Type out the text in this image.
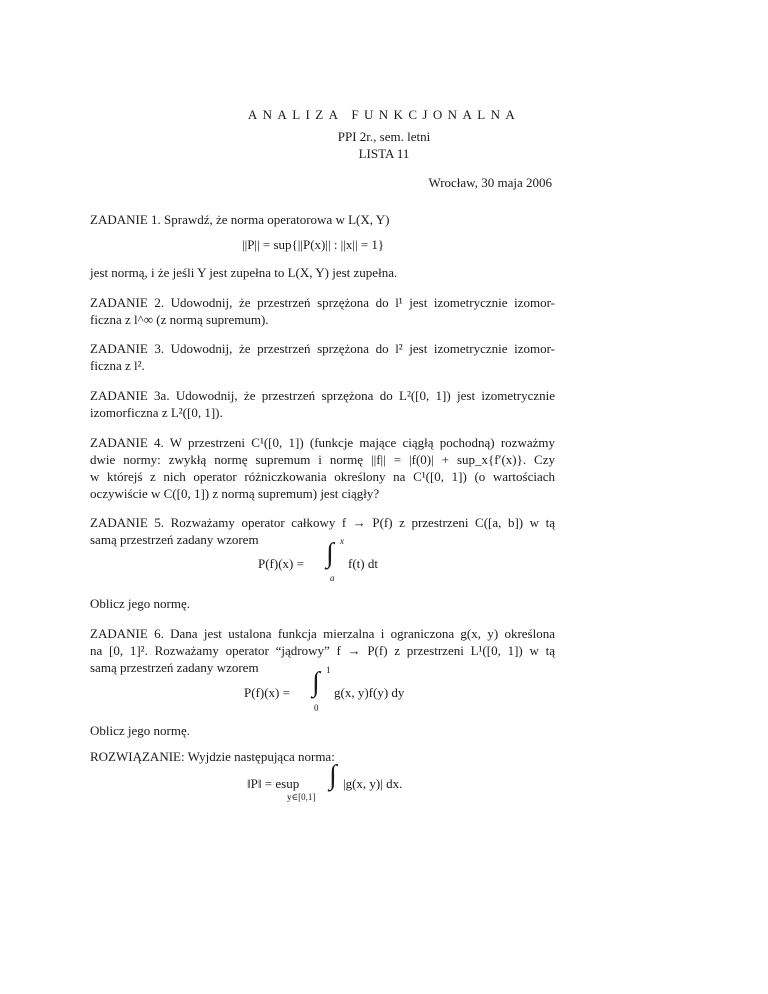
ANALIZA FUNKCJONALNA
PPI 2r., sem. letni
LISTA 11
Wrocław, 30 maja 2006
ZADANIE 1. Sprawdź, że norma operatorowa w L(X, Y)
||P|| = sup{||P(x)|| : ||x|| = 1}
jest normą, i że jeśli Y jest zupełna to L(X, Y) jest zupełna.
ZADANIE 2. Udowodnij, że przestrzeń sprzężona do l¹ jest izometrycznie izomor-
ficzna z l^∞ (z normą supremum).
ZADANIE 3. Udowodnij, że przestrzeń sprzężona do l² jest izometrycznie izomor-
ficzna z l².
ZADANIE 3a. Udowodnij, że przestrzeń sprzężona do L²([0, 1]) jest izometrycznie
izomorficzna z L²([0, 1]).
ZADANIE 4. W przestrzeni C¹([0, 1]) (funkcje mające ciągłą pochodną) rozważmy
dwie normy: zwykłą normę supremum i normę ||f|| = |f(0)| + sup_x{f′(x)}. Czy
w którejś z nich operator różniczkowania określony na C¹([0, 1]) (o wartościach
oczywiście w C([0, 1]) z normą supremum) jest ciągły?
ZADANIE 5. Rozważamy operator całkowy f → P(f) z przestrzeni C([a, b]) w tą
samą przestrzeń zadany wzorem
P(f)(x) = ∫ x
a
f(t) dt
Oblicz jego normę.
ZADANIE 6. Dana jest ustalona funkcja mierzalna i ograniczona g(x, y) określona
na [0, 1]². Rozważamy operator “jądrowy” f → P(f) z przestrzeni L¹([0, 1]) w tą
samą przestrzeń zadany wzorem
P(f)(x) = ∫ 1
0
g(x, y)f(y) dy
Oblicz jego normę.
ROZWIĄZANIE: Wyjdzie następująca norma:
‖P‖ = esup
y∈[0,1]
∫ |g(x, y)| dx.
